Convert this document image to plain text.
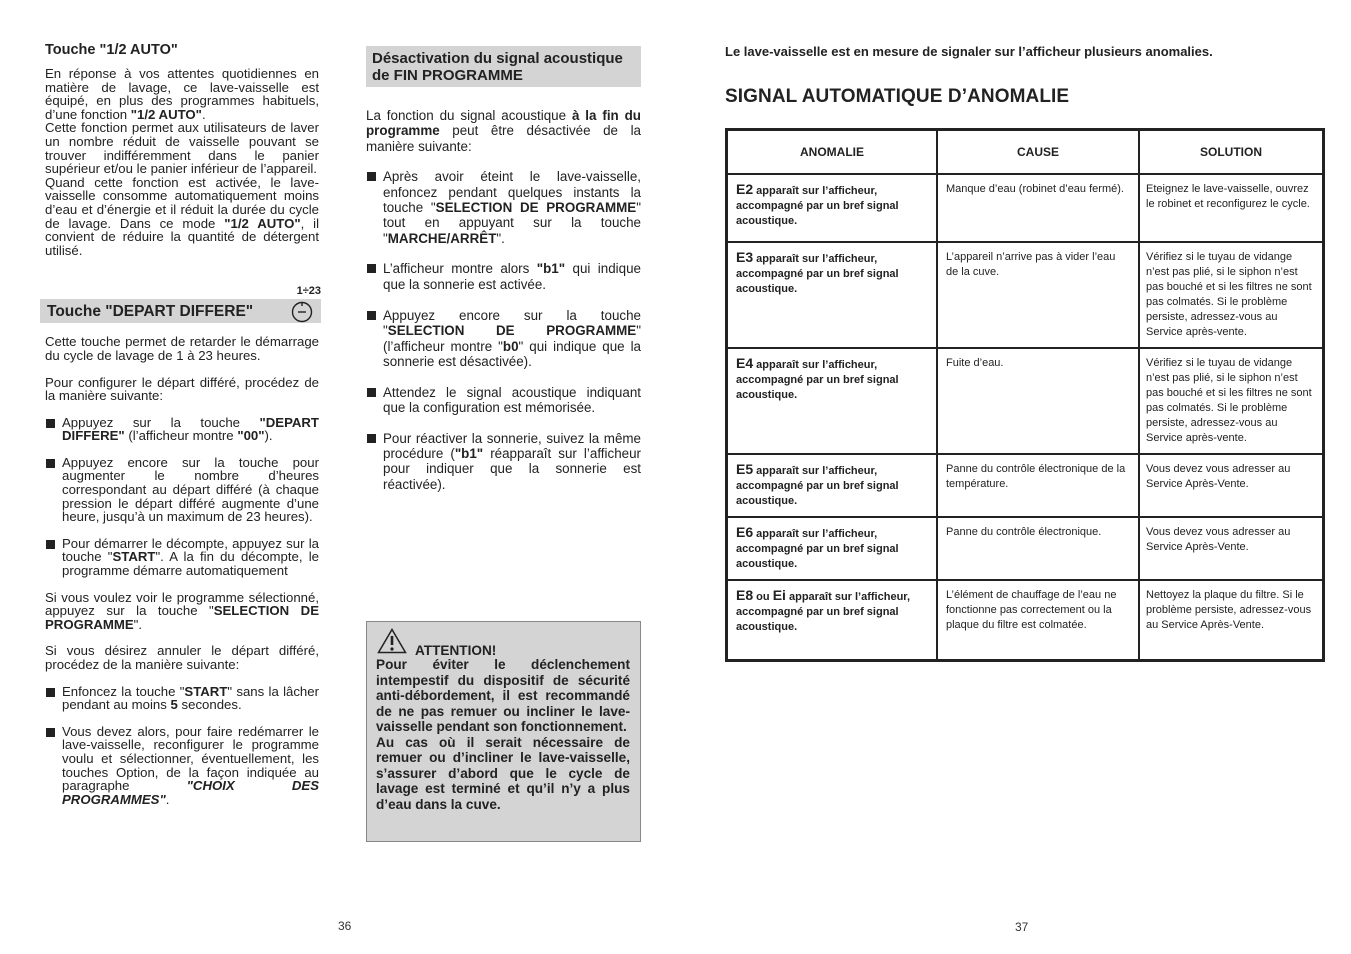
Touche "1/2 AUTO"

En réponse à vos attentes quotidiennes en matière de lavage, ce lave-vaisselle est équipé, en plus des programmes habituels, d’une fonction "1/2 AUTO".
Cette fonction permet aux utilisateurs de laver un nombre réduit de vaisselle pouvant se trouver indifféremment dans le panier supérieur et/ou le panier inférieur de l’appareil.
Quand cette fonction est activée, le lave-vaisselle consomme automatiquement moins d’eau et d’énergie et il réduit la durée du cycle de lavage. Dans ce mode "1/2 AUTO", il convient de réduire la quantité de détergent utilisé.

1÷23
Touche "DEPART DIFFERE"

Cette touche permet de retarder le démarrage du cycle de lavage de 1 à 23 heures.

Pour configurer le départ différé, procédez de la manière suivante:

Appuyez sur la touche "DEPART DIFFERE" (l’afficheur montre "00").

Appuyez encore sur la touche pour augmenter le nombre d’heures correspondant au départ différé (à chaque pression le départ différé augmente d’une heure, jusqu’à un maximum de 23 heures).

Pour démarrer le décompte, appuyez sur la touche "START". A la fin du décompte, le programme démarre automatiquement

Si vous voulez voir le programme sélectionné, appuyez sur la touche "SELECTION DE PROGRAMME".

Si vous désirez annuler le départ différé, procédez de la manière suivante:

Enfoncez la touche "START" sans la lâcher pendant au moins 5 secondes.

Vous devez alors, pour faire redémarrer le lave-vaisselle, reconfigurer le programme voulu et sélectionner, éventuellement, les touches Option, de la façon indiquée au paragraphe "CHOIX DES PROGRAMMES".

36
Désactivation du signal acoustique de FIN PROGRAMME

La fonction du signal acoustique à la fin du programme peut être désactivée de la manière suivante:

Après avoir éteint le lave-vaisselle, enfoncez pendant quelques instants la touche "SELECTION DE PROGRAMME" tout en appuyant sur la touche "MARCHE/ARRÊT".

L’afficheur montre alors "b1" qui indique que la sonnerie est activée.

Appuyez encore sur la touche "SELECTION DE PROGRAMME" (l’afficheur montre "b0" qui indique que la sonnerie est désactivée).

Attendez le signal acoustique indiquant que la configuration est mémorisée.

Pour réactiver la sonnerie, suivez la même procédure ("b1" réapparaît sur l’afficheur pour indiquer que la sonnerie est réactivée).

ATTENTION!

Pour éviter le déclenchement intempestif du dispositif de sécurité anti-débordement, il est recommandé de ne pas remuer ou incliner le lave-vaisselle pendant son fonctionnement.

Au cas où il serait nécessaire de remuer ou d’incliner le lave-vaisselle, s’assurer d’abord que le cycle de lavage est terminé et qu’il n’y a plus d’eau dans la cuve.

Le lave-vaisselle est en mesure de signaler sur l’afficheur plusieurs anomalies.

SIGNAL AUTOMATIQUE D’ANOMALIE

ANOMALIE	CAUSE	SOLUTION
E2 apparaît sur l’afficheur, accompagné par un bref signal acoustique.	Manque d’eau (robinet d’eau fermé).	Eteignez le lave-vaisselle, ouvrez le robinet et reconfigurez le cycle.
E3 apparaît sur l’afficheur, accompagné par un bref signal acoustique.	L’appareil n’arrive pas à vider l’eau de la cuve.	Vérifiez si le tuyau de vidange n’est pas plié, si le siphon n’est pas bouché et si les filtres ne sont pas colmatés. Si le problème persiste, adressez-vous au Service après-vente.
E4 apparaît sur l’afficheur, accompagné par un bref signal acoustique.	Fuite d’eau.	Vérifiez si le tuyau de vidange n’est pas plié, si le siphon n’est pas bouché et si les filtres ne sont pas colmatés. Si le problème persiste, adressez-vous au Service après-vente.
E5 apparaît sur l’afficheur, accompagné par un bref signal acoustique.	Panne du contrôle électronique de la température.	Vous devez vous adresser au Service Après-Vente.
E6 apparaît sur l’afficheur, accompagné par un bref signal acoustique.	Panne du contrôle électronique.	Vous devez vous adresser au Service Après-Vente.
E8 ou Ei apparaît sur l’afficheur, accompagné par un bref signal acoustique.	L’élément de chauffage de l’eau ne fonctionne pas correctement ou la plaque du filtre est colmatée.	Nettoyez la plaque du filtre. Si le problème persiste, adressez-vous au Service Après-Vente.
37
